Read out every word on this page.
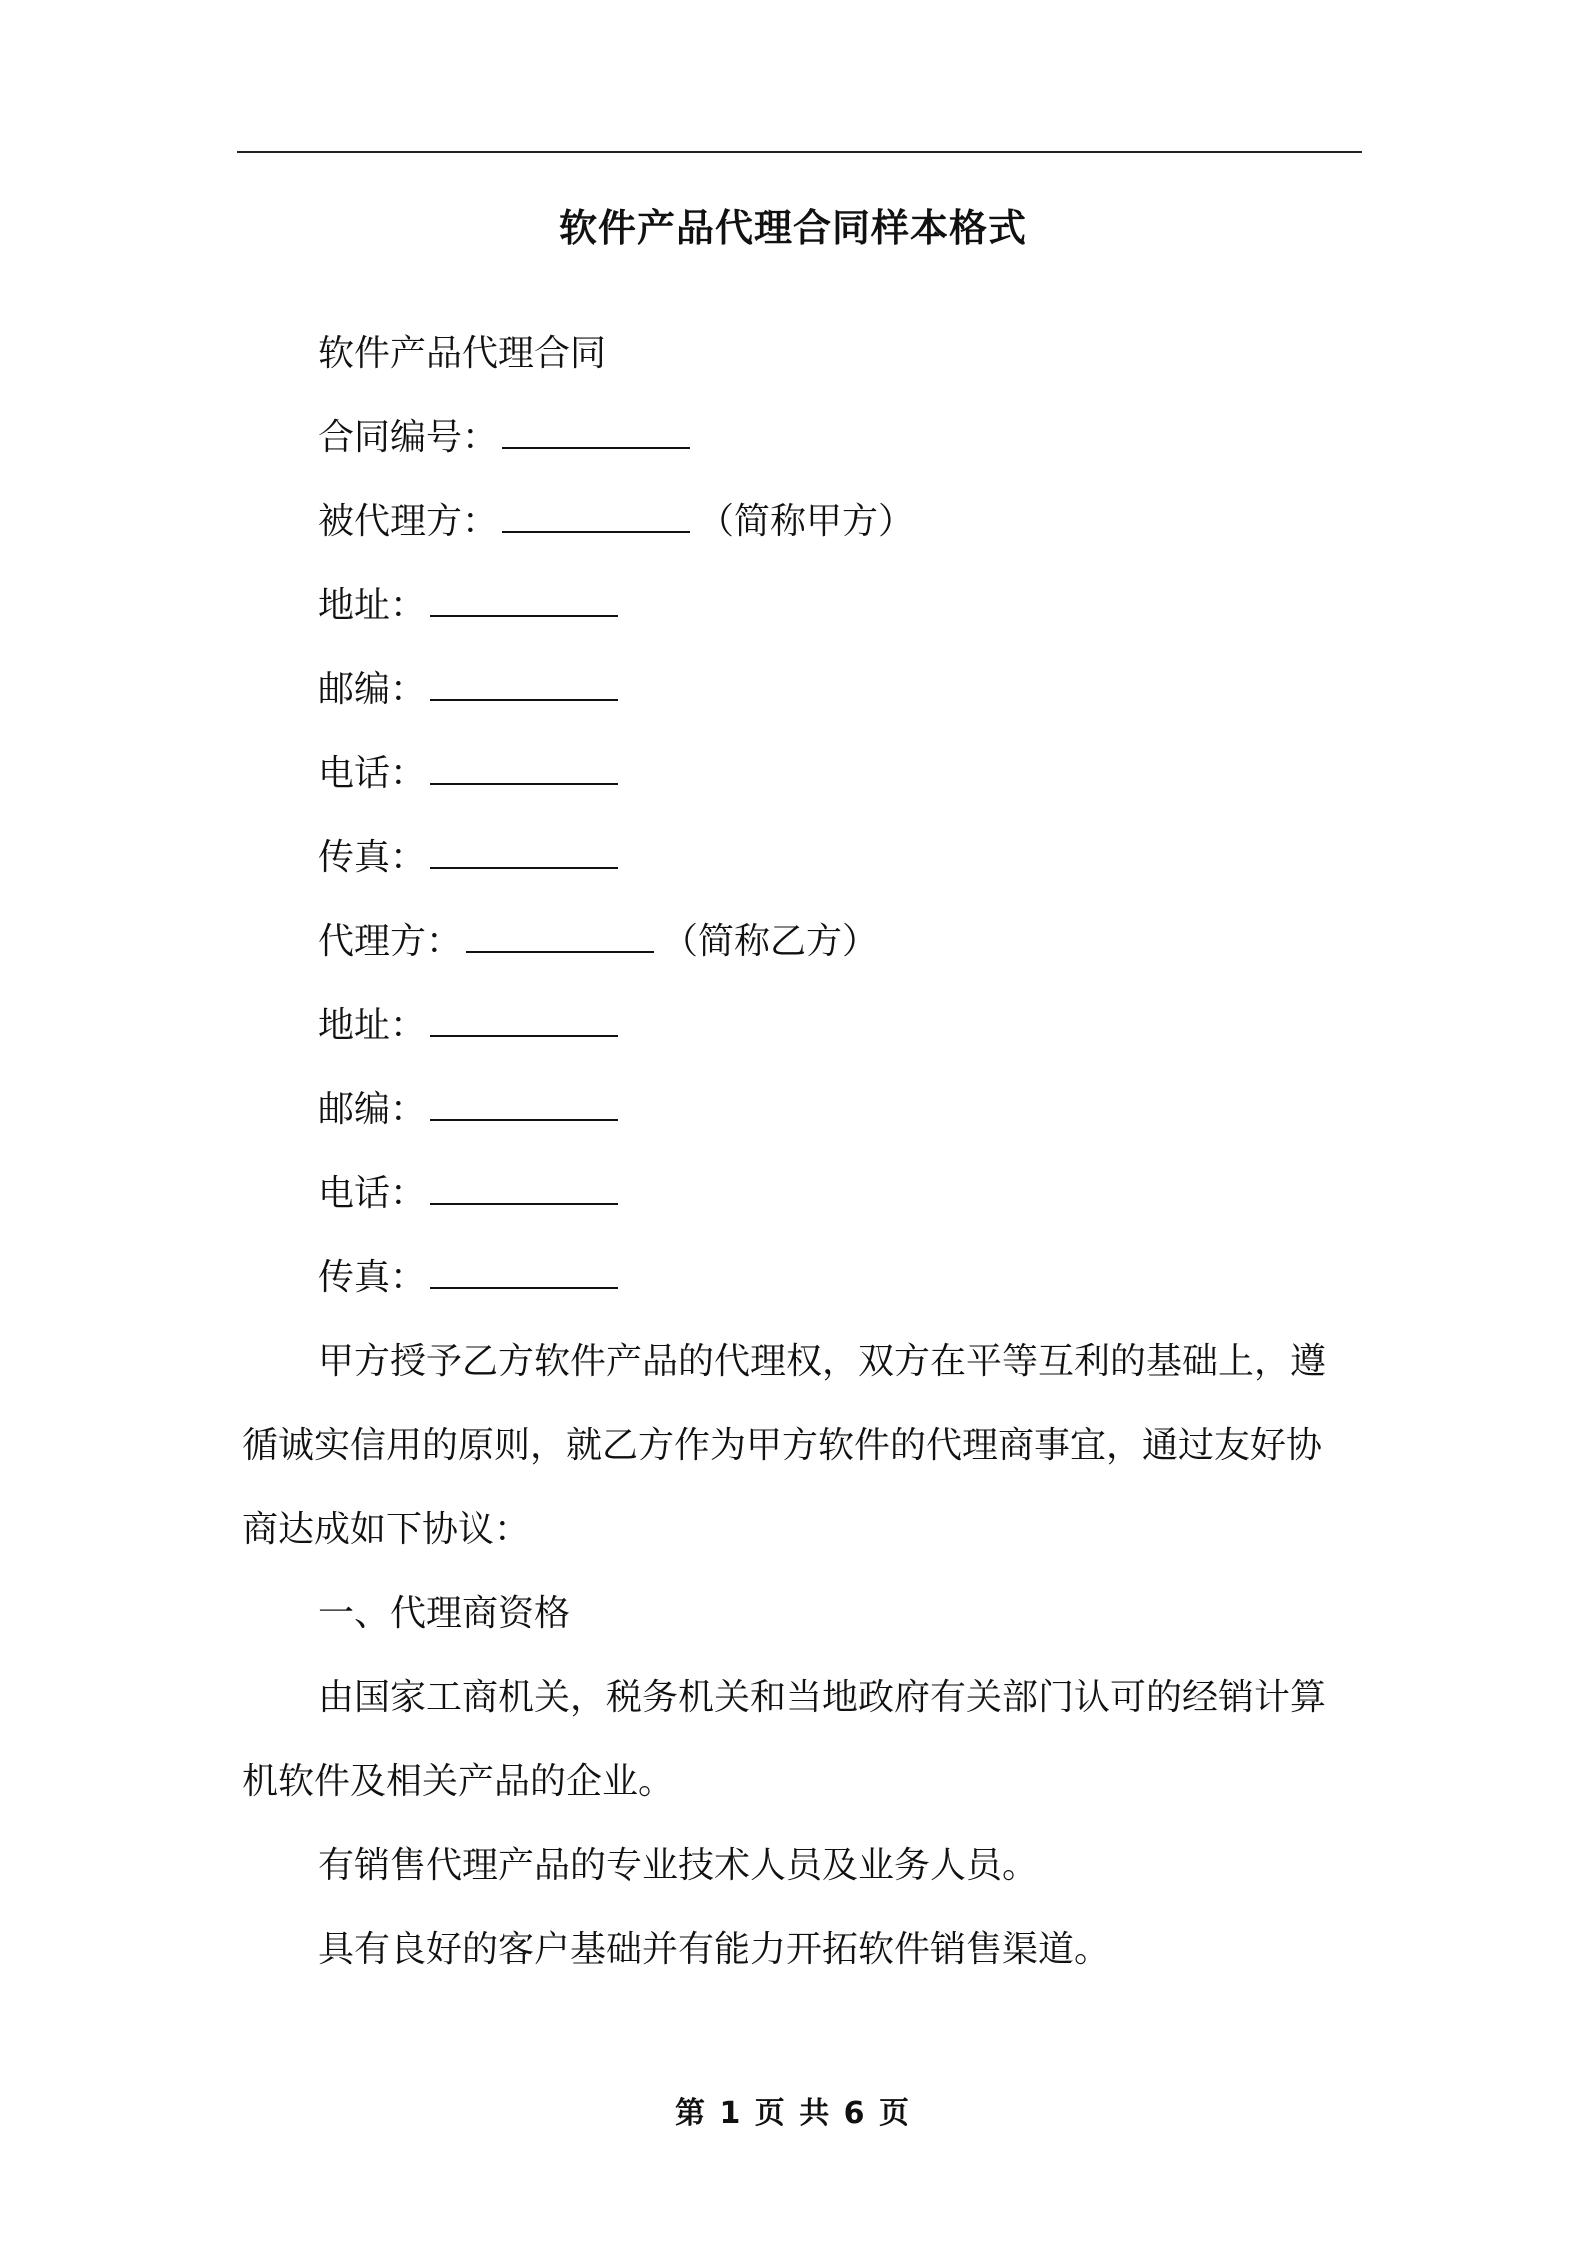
软件产品代理合同样本格式
软件产品代理合同
合同编号：
被代理方：	（简称甲方）
地址：
邮编：
电话：
传真：
代理方：	（简称乙方）
地址：
邮编：
电话：
传真：
甲方授予乙方软件产品的代理权，双方在平等互利的基础上，遵
循诚实信用的原则，就乙方作为甲方软件的代理商事宜，通过友好协
商达成如下协议：
一、代理商资格
由国家工商机关，税务机关和当地政府有关部门认可的经销计算
机软件及相关产品的企业。
有销售代理产品的专业技术人员及业务人员。
具有良好的客户基础并有能力开拓软件销售渠道。
第 1 页 共 6 页
